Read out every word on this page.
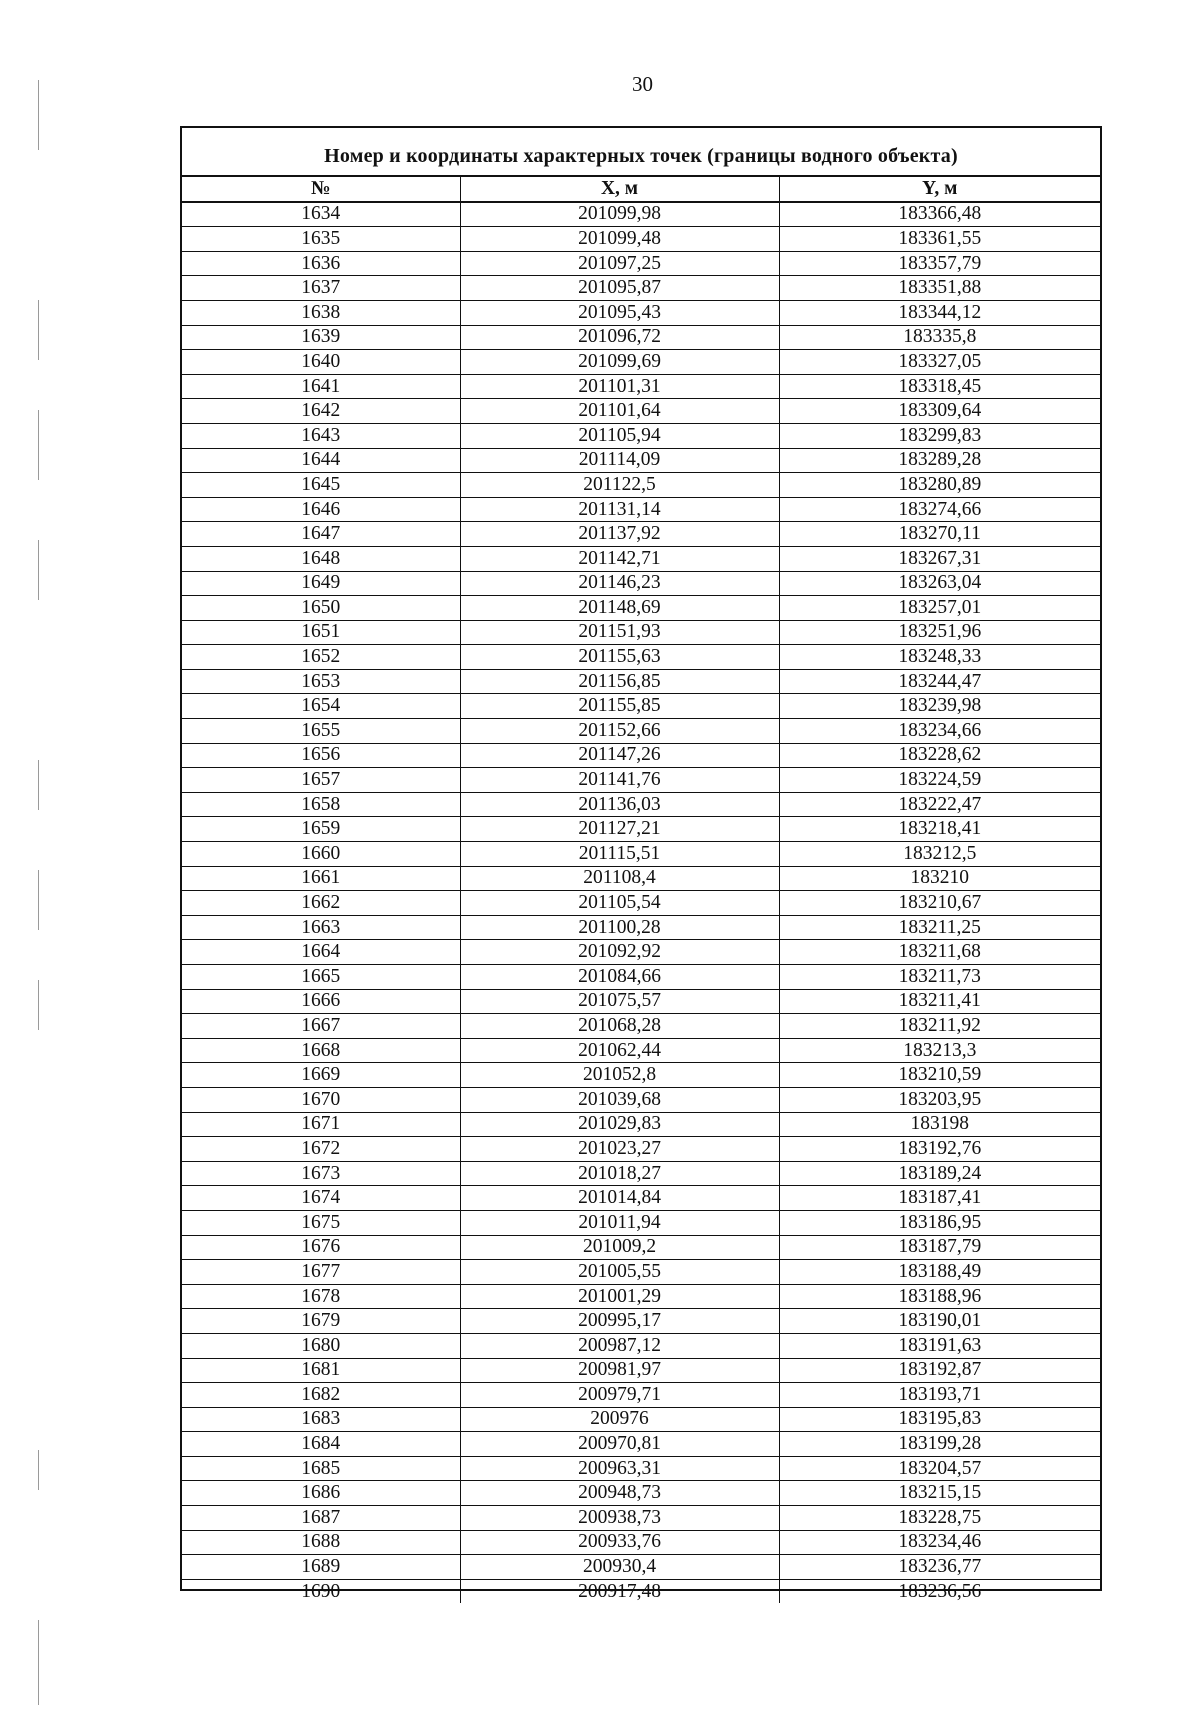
30
Номер и координаты характерных точек (границы водного объекта)
№	X, м	Y, м
1634	201099,98	183366,48
1635	201099,48	183361,55
1636	201097,25	183357,79
1637	201095,87	183351,88
1638	201095,43	183344,12
1639	201096,72	183335,8
1640	201099,69	183327,05
1641	201101,31	183318,45
1642	201101,64	183309,64
1643	201105,94	183299,83
1644	201114,09	183289,28
1645	201122,5	183280,89
1646	201131,14	183274,66
1647	201137,92	183270,11
1648	201142,71	183267,31
1649	201146,23	183263,04
1650	201148,69	183257,01
1651	201151,93	183251,96
1652	201155,63	183248,33
1653	201156,85	183244,47
1654	201155,85	183239,98
1655	201152,66	183234,66
1656	201147,26	183228,62
1657	201141,76	183224,59
1658	201136,03	183222,47
1659	201127,21	183218,41
1660	201115,51	183212,5
1661	201108,4	183210
1662	201105,54	183210,67
1663	201100,28	183211,25
1664	201092,92	183211,68
1665	201084,66	183211,73
1666	201075,57	183211,41
1667	201068,28	183211,92
1668	201062,44	183213,3
1669	201052,8	183210,59
1670	201039,68	183203,95
1671	201029,83	183198
1672	201023,27	183192,76
1673	201018,27	183189,24
1674	201014,84	183187,41
1675	201011,94	183186,95
1676	201009,2	183187,79
1677	201005,55	183188,49
1678	201001,29	183188,96
1679	200995,17	183190,01
1680	200987,12	183191,63
1681	200981,97	183192,87
1682	200979,71	183193,71
1683	200976	183195,83
1684	200970,81	183199,28
1685	200963,31	183204,57
1686	200948,73	183215,15
1687	200938,73	183228,75
1688	200933,76	183234,46
1689	200930,4	183236,77
1690	200917,48	183236,56
